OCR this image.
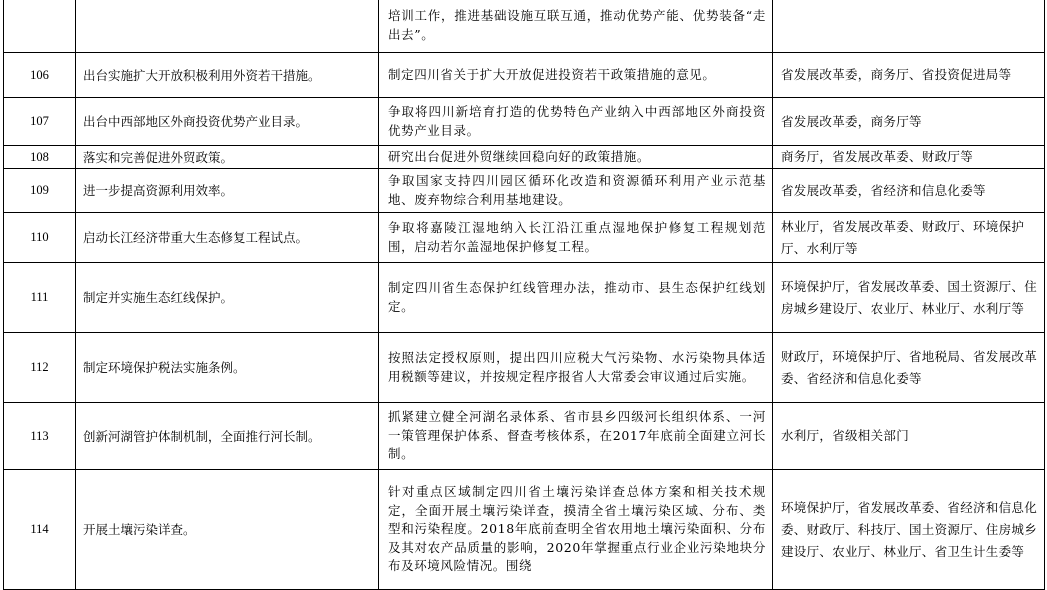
		培训工作，推进基础设施互联互通，推动优势产能、优势装备“走出去”。	

106	出台实施扩大开放积极利用外资若干措施。	制定四川省关于扩大开放促进投资若干政策措施的意见。	省发展改革委，商务厅、省投资促进局等

107	出台中西部地区外商投资优势产业目录。	争取将四川新培育打造的优势特色产业纳入中西部地区外商投资优势产业目录。	省发展改革委，商务厅等

108	落实和完善促进外贸政策。	研究出台促进外贸继续回稳向好的政策措施。	商务厅，省发展改革委、财政厅等

109	进一步提高资源利用效率。	争取国家支持四川园区循环化改造和资源循环利用产业示范基地、废弃物综合利用基地建设。	省发展改革委，省经济和信息化委等

110	启动长江经济带重大生态修复工程试点。	争取将嘉陵江湿地纳入长江沿江重点湿地保护修复工程规划范围，启动若尔盖湿地保护修复工程。	林业厅，省发展改革委、财政厅、环境保护厅、水利厅等

111	制定并实施生态红线保护。	制定四川省生态保护红线管理办法，推动市、县生态保护红线划定。	环境保护厅，省发展改革委、国土资源厅、住房城乡建设厅、农业厅、林业厅、水利厅等

112	制定环境保护税法实施条例。	按照法定授权原则，提出四川应税大气污染物、水污染物具体适用税额等建议，并按规定程序报省人大常委会审议通过后实施。	财政厅，环境保护厅、省地税局、省发展改革委、省经济和信息化委等

113	创新河湖管护体制机制，全面推行河长制。	抓紧建立健全河湖名录体系、省市县乡四级河长组织体系、一河一策管理保护体系、督查考核体系，在2017年底前全面建立河长制。	水利厅，省级相关部门

114	开展土壤污染详查。	针对重点区域制定四川省土壤污染详查总体方案和相关技术规定，全面开展土壤污染详查，摸清全省土壤污染区域、分布、类型和污染程度。2018年底前查明全省农用地土壤污染面积、分布及其对农产品质量的影响，2020年掌握重点行业企业污染地块分布及环境风险情况。围绕	环境保护厅，省发展改革委、省经济和信息化委、财政厅、科技厅、国土资源厅、住房城乡建设厅、农业厅、林业厅、省卫生计生委等
